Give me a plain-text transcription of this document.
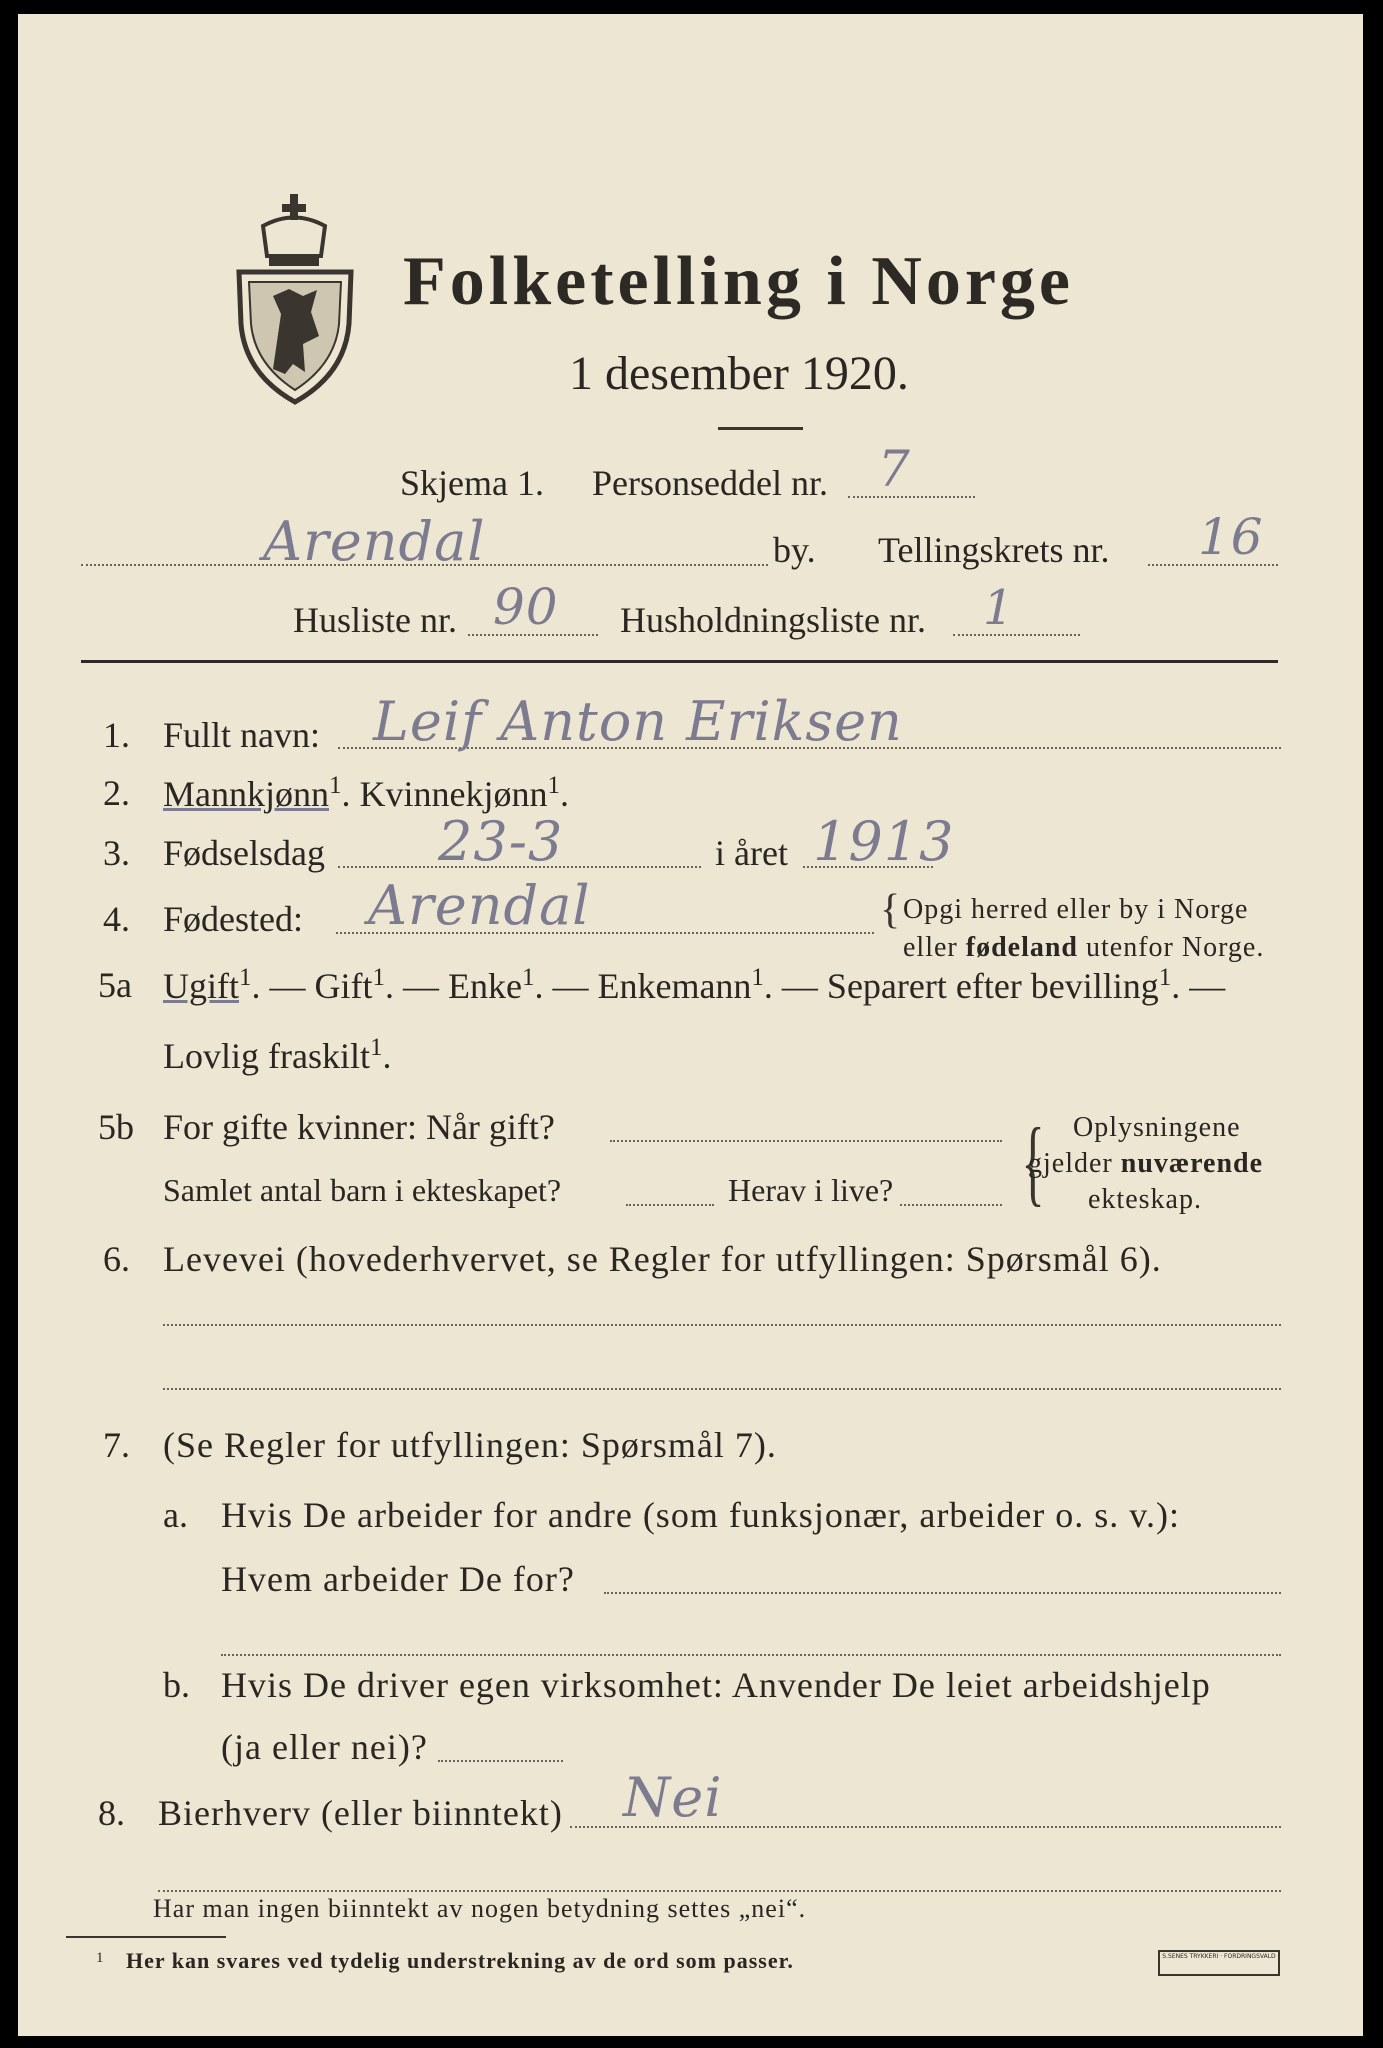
Folketelling i Norge
1 desember 1920.
Skjema 1. Personseddel nr. 7
Arendal	by. Tellingskrets nr. 16
Husliste nr. 90 Husholdningsliste nr. 1
1. Fullt navn: Leif Anton Eriksen
2. Mannkjønn$^1$. Kvinnekjønn$^1$.
3. Fødselsdag 23-3	i året 1913
4. Fødested: Arendal	{ Opgi herred eller by i Norge
eller fødeland utenfor Norge.
5a Ugift$^1$. — Gift$^1$. — Enke$^1$. — Enkemann$^1$. — Separert efter bevilling$^1$. —
Lovlig fraskilt$^1$.
5b For gifte kvinner: Når gift?
Samlet antal barn i ekteskapet?	Herav i live? { Oplysningene
gjelder nuværende
ekteskap.
6. Levevei (hovederhvervet, se Regler for utfyllingen: Spørsmål 6).
7. (Se Regler for utfyllingen: Spørsmål 7).
a. Hvis De arbeider for andre (som funksjonær, arbeider o. s. v.):
Hvem arbeider De for?
b. Hvis De driver egen virksomhet: Anvender De leiet arbeidshjelp
(ja eller nei)?
8. Bierhverv (eller biinntekt) Nei
Har man ingen biinntekt av nogen betydning settes „nei“.
1 Her kan svares ved tydelig understrekning av de ord som passer.	S.SENES TRYKKERI · FORDRINGSVALD
